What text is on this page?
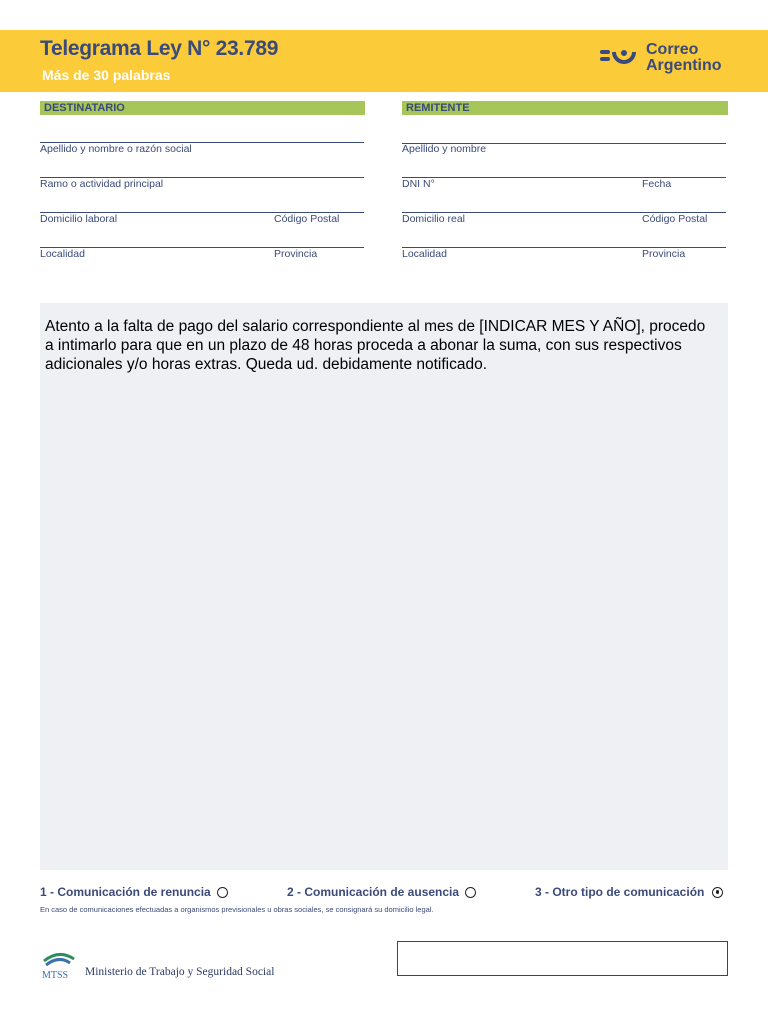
Telegrama Ley N° 23.789
Más de 30 palabras
Correo
Argentino
DESTINATARIO
Apellido y nombre o razón social
Ramo o actividad principal
Domicilio laboral	Código Postal
Localidad	Provincia
REMITENTE
Apellido y nombre
DNI N°	Fecha
Domicilio real	Código Postal
Localidad	Provincia
Atento a la falta de pago del salario correspondiente al mes de [INDICAR MES Y AÑO], procedo a intimarlo para que en un plazo de 48 horas proceda a abonar la suma, con sus respectivos adicionales y/o horas extras. Queda ud. debidamente notificado.
1 - Comunicación de renuncia	2 - Comunicación de ausencia	3 - Otro tipo de comunicación
En caso de comunicaciones efectuadas a organismos previsionales u obras sociales, se consignará su domicilio legal.
MTSS Ministerio de Trabajo y Seguridad Social
